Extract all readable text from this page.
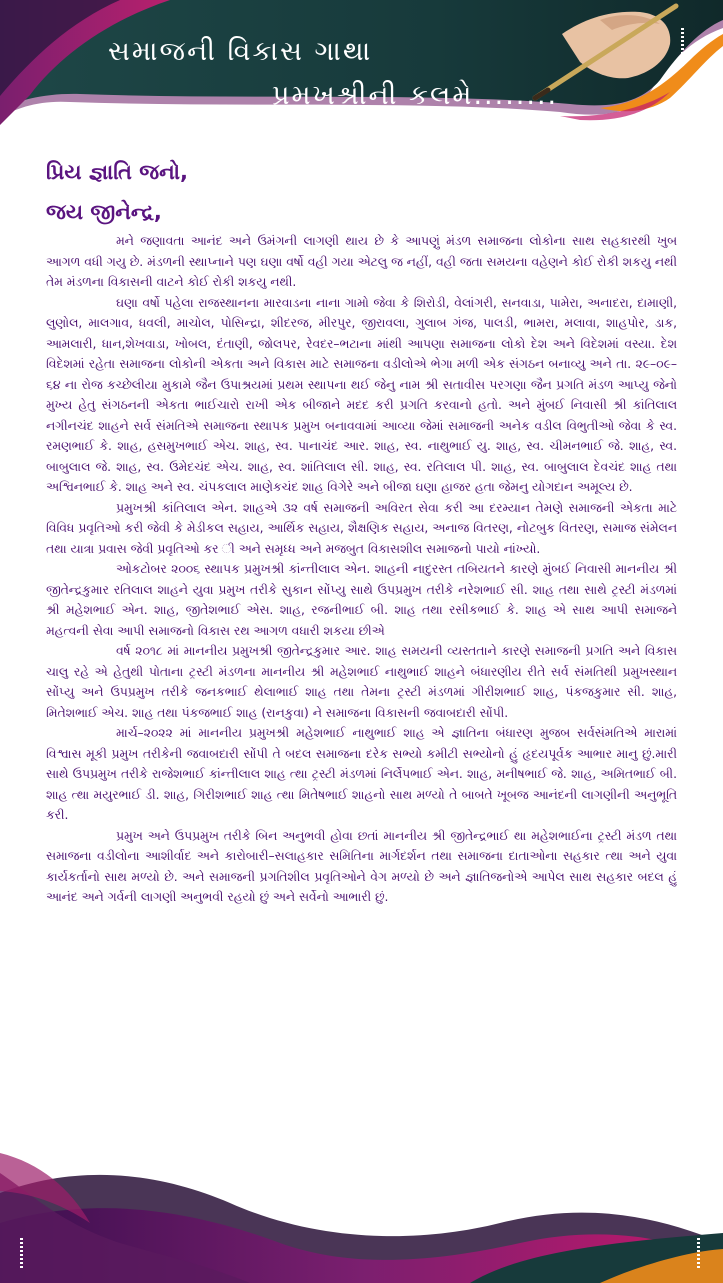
સમાજની વિકાસ ગાથા
પ્રમુખશ્રીની કલમે........
પ્રિય જ્ઞાતિ જનો,
જય જીનેન્દ્ર,

મને જણાવતા આનંદ અને ઉમંગની લાગણી થાય છે કે આપણું મંડળ સમાજના લોકોના સાથ સહકારથી ખુબ આગળ વધી ગયુ છે. મંડળની સ્થાપ્નાને પણ ઘણા વર્ષો વહી ગયા એટલુ જ નહીં, વહી જતા સમયના વહેણને કોઈ રોકી શકયુ નથી તેમ મંડળના વિકાસની વાટને કોઈ રોકી શકયુ નથી.

ઘણા વર્ષો પહેલા રાજસ્થાનના મારવાડના નાના ગામો જેવા કે શિરોડી, વેલાંગરી, સનવાડા, પામેરા, અનાદરા, દામાણી, લુણોલ, માલગાવ, ધવલી, માચોલ, પોસિન્દ્રા, શીદરજ, મીરપુર, જીરાવલા, ગુલાબ ગંજ, પાલડી, ભામરા, મલાવા, શાહપોર, ડાક, આમલારી, ધાન,શેખવાડા, ખોબલ, દંતાણી, જોલપર, રેવદર–ભટાના માંથી આપણા સમાજના લોકો દેશ અને વિદેશમાં વસ્યા. દેશ વિદેશમાં રહેતા સમાજના લોકોની એકતા અને વિકાસ માટે સમાજના વડીલોએ ભેગા મળી એક સંગઠન બનાવ્યુ અને તા. ૨૯–૦૯–૬૪ ના રોજ કચ્છેલીયા મુકામે જૈન ઉપાશ્રયમાં પ્રથમ સ્થાપના થઈ જેનુ નામ શ્રી સતાવીસ પરગણા જૈન પ્રગતિ મંડળ આપ્યુ જેનો મુખ્ય હેતુ સંગઠનની એકતા ભાઈચારો રાખી એક બીજાને મદદ કરી પ્રગતિ કરવાનો હતો. અને મુંબઈ નિવાસી શ્રી કાંતિલાલ નગીનચંદ શાહને સર્વ સંમતિએ સમાજના સ્થાપક પ્રમુખ બનાવવામાં આવ્યા જેમાં સમાજની અનેક વડીલ વિભુતીઓ જેવા કે સ્વ. રમણભાઈ કે. શાહ, હસમુખભાઈ એચ. શાહ, સ્વ. પાનાચંદ આર. શાહ, સ્વ. નાથુભાઈ યુ. શાહ, સ્વ. ચીમનભાઈ જે. શાહ, સ્વ. બાબુલાલ જે. શાહ, સ્વ. ઉમેદચંદ એચ. શાહ, સ્વ. શાંતિલાલ સી. શાહ, સ્વ. રતિલાલ પી. શાહ, સ્વ. બાબુલાલ દેવચંદ શાહ તથા અશ્વિનભાઈ કે. શાહ અને સ્વ. ચંપકલાલ માણેકચંદ શાહ વિગેરે અને બીજા ઘણા હાજર હતા જેમનુ યોગદાન અમૂલ્ય છે.

પ્રમુખશ્રી કાંતિલાલ એન. શાહએ ૩૨ વર્ષ સમાજની અવિરત સેવા કરી આ દરમ્યાન તેમણે સમાજની એકતા માટે વિવિધ પ્રવૃતિઓ કરી જેવી કે મેડીકલ સહાય, આર્થિક સહાય, શૈક્ષણિક સહાય, અનાજ વિતરણ, નોટબુક વિતરણ, સમાજ સંમેલન તથા યાત્રા પ્રવાસ જેવી પ્રવૃતિઓ કર ી અને સમૃધ્ધ અને મજબુત વિકાસશીલ સમાજનો પાયો નાંખ્યો.

ઓકટોબર ૨૦૦૬ સ્થાપક પ્રમુખશ્રી કાંન્તીલાલ એન. શાહની નાદુરસ્ત તબિયતને કારણે મુંબઈ નિવાસી માનનીય શ્રી જીતેન્દ્રકુમાર રતિલાલ શાહને યુવા પ્રમુખ તરીકે સુકાન સોંપ્યુ સાથે ઉપપ્રમુખ તરીકે નરેશભાઈ સી. શાહ તથા સાથે ટ્રસ્ટી મંડળમાં શ્રી મહેશભાઈ એન. શાહ, જીતેશભાઈ એસ. શાહ, રજનીભાઈ બી. શાહ તથા રસીકભાઈ કે. શાહ એ સાથ આપી સમાજને મહત્વની સેવા આપી સમાજનો વિકાસ રથ આગળ વધારી શકયા છીએ

વર્ષ ૨૦૧૮ માં માનનીય પ્રમુખશ્રી જીતેન્દ્રકુમાર આર. શાહ સમયની વ્યસ્તતાને કારણે સમાજની પ્રગતિ અને વિકાસ ચાલુ રહે એ હેતુથી પોતાના ટ્રસ્ટી મંડળના માનનીય શ્રી મહેશભાઈ નાથુભાઈ શાહને બંધારણીય રીતે સર્વ સંમતિથી પ્રમુખસ્થાન સોંપ્યુ અને ઉપપ્રમુખ તરીકે જનકભાઈ થેલાભાઈ શાહ તથા તેમના ટ્રસ્ટી મંડળમાં ગીરીશભાઈ શાહ, પંકજકુમાર સી. શાહ, મિતેશભાઈ એચ. શાહ તથા પંકજભાઈ શાહ (રાનકુવા) ને સમાજના વિકાસની જવાબદારી સોંપી.

માર્ચ–૨૦૨૨ માં માનનીય પ્રમુખશ્રી મહેશભાઈ નાથુભાઈ શાહ એ જ્ઞાતિના બંધારણ મુજબ સર્વસંમતિએ મારામાં વિશ્વાસ મૂકી પ્રમુખ તરીકેની જવાબદારી સોંપી તે બદલ સમાજના દરેક સભ્યો કમીટી સભ્યોનો હું હૃદયપૂર્વક આભાર માનુ છું.મારી સાથે ઉપપ્રમુખ તરીકે રાજેશભાઈ કાંન્તીલાલ શાહ ત્થા ટ્રસ્ટી મંડળમાં નિર્લેપભાઈ એન. શાહ, મનીષભાઈ જે. શાહ, અમિતભાઈ બી. શાહ ત્થા મયુરભાઈ ડી. શાહ, ગિરીશભાઈ શાહ ત્થા મિતેષભાઈ શાહનો સાથ મળ્યો તે બાબતે ખૂબજ આનંદની લાગણીની અનુભૂતિ કરી.

પ્રમુખ અને ઉપપ્રમુખ તરીકે બિન અનુભવી હોવા છતાં માનનીય શ્રી જીતેન્દ્રભાઈ થા મહેશભાઈના ટ્રસ્ટી મંડળ તથા સમાજના વડીલોના આશીર્વાદ અને કારોબારી–સલાહકાર સમિતિના માર્ગદર્શન તથા સમાજના દાતાઓના સહકાર ત્થા અને યુવા કાર્યકર્તાનો સાથ મળ્યો છે. અને સમાજની પ્રગતિશીલ પ્રવૃતિઓને વેગ મળ્યો છે અને જ્ઞાતિજનોએ આપેલ સાથ સહકાર બદલ હું આનંદ અને ગર્વની લાગણી અનુભવી રહયો છું અને સર્વેનો આભારી છું.
